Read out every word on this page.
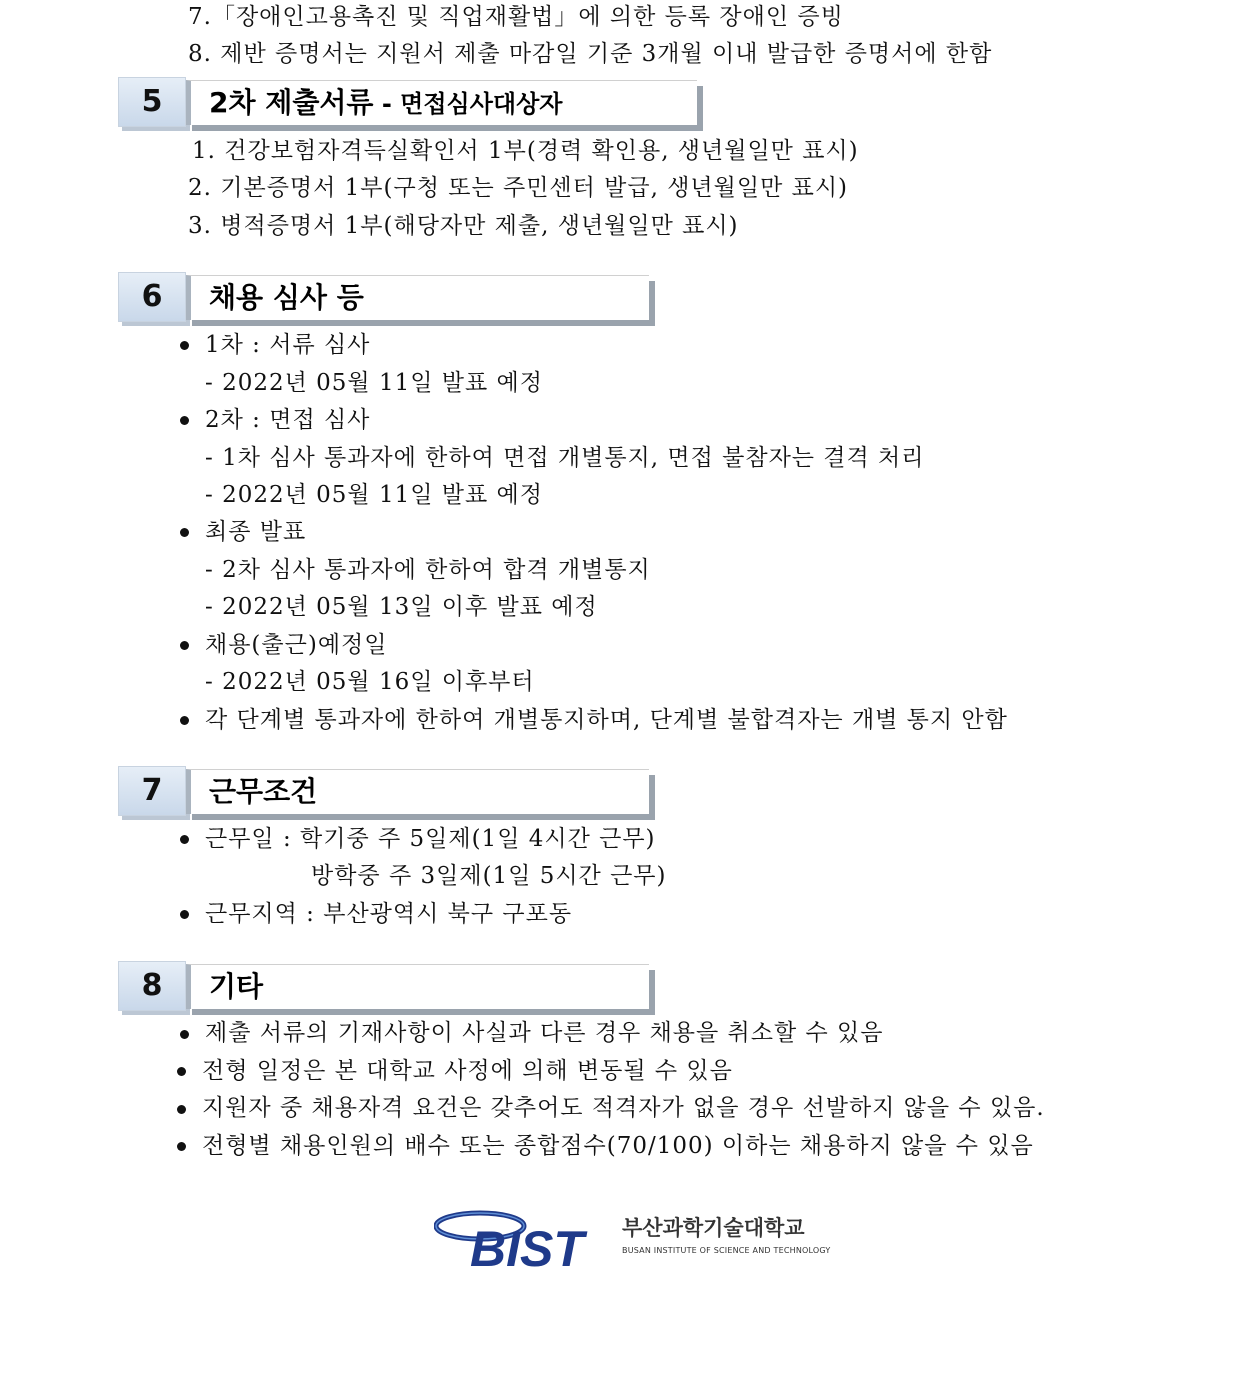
7.「장애인고용촉진 및 직업재활법」에 의한 등록 장애인 증빙
8. 제반 증명서는 지원서 제출 마감일 기준 3개월 이내 발급한 증명서에 한함
5	2차 제출서류 - 면접심사대상자
1. 건강보험자격득실확인서 1부(경력 확인용, 생년월일만 표시)
2. 기본증명서 1부(구청 또는 주민센터 발급, 생년월일만 표시)
3. 병적증명서 1부(해당자만 제출, 생년월일만 표시)
6	채용 심사 등
1차 : 서류 심사
- 2022년 05월 11일 발표 예정
2차 : 면접 심사
- 1차 심사 통과자에 한하여 면접 개별통지, 면접 불참자는 결격 처리
- 2022년 05월 11일 발표 예정
최종 발표
- 2차 심사 통과자에 한하여 합격 개별통지
- 2022년 05월 13일 이후 발표 예정
채용(출근)예정일
- 2022년 05월 16일 이후부터
각 단계별 통과자에 한하여 개별통지하며, 단계별 불합격자는 개별 통지 안함
7	근무조건
근무일 : 학기중 주 5일제(1일 4시간 근무)
방학중 주 3일제(1일 5시간 근무)
근무지역 : 부산광역시 북구 구포동
8	기타
제출 서류의 기재사항이 사실과 다른 경우 채용을 취소할 수 있음
전형 일정은 본 대학교 사정에 의해 변동될 수 있음
지원자 중 채용자격 요건은 갖추어도 적격자가 없을 경우 선발하지 않을 수 있음.
전형별 채용인원의 배수 또는 종합점수(70/100) 이하는 채용하지 않을 수 있음
BIST 부산과학기술대학교
BUSAN INSTITUTE OF SCIENCE AND TECHNOLOGY
